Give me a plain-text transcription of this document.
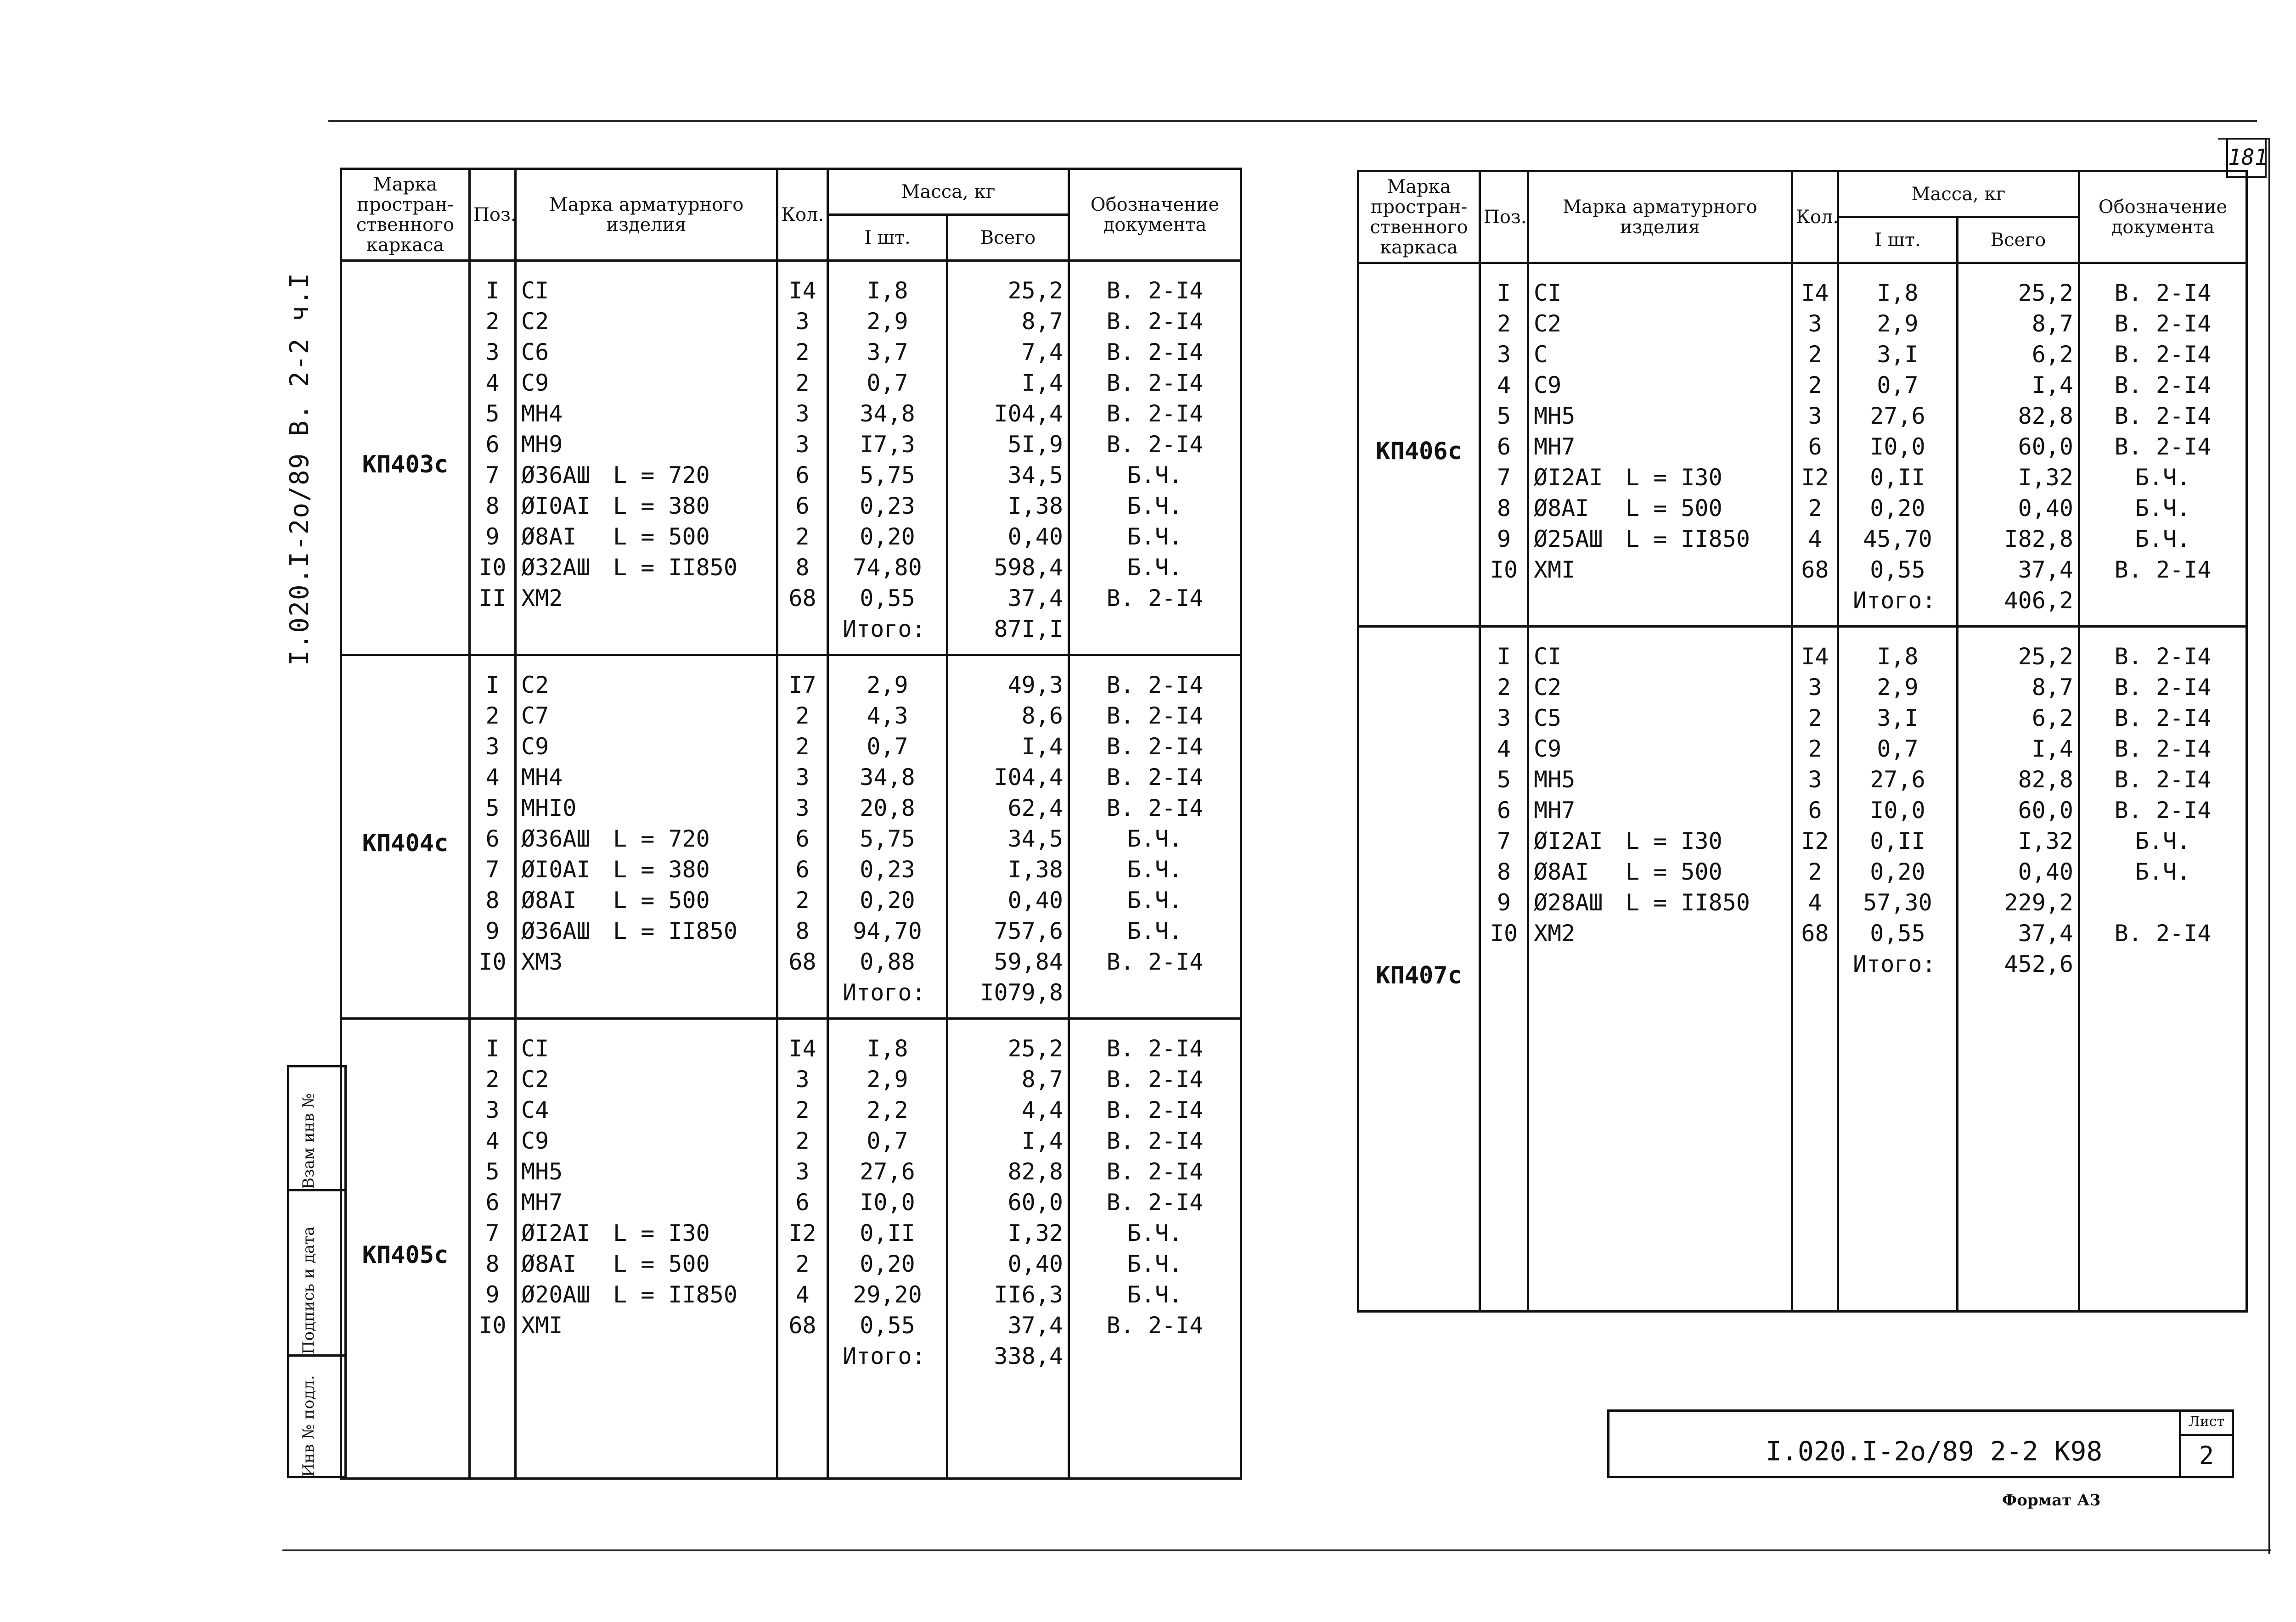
181
I.020.I-2o/89 В. 2-2 ч.I
Инв № подл.
Подпись и дата
Взам инв №
Марка простран-ственного каркаса	Поз.	Марка арматурного изделия	Кол.	Масса, кг		Обозначение документа
				I шт.	Всего	
КП403с	I	CI	I4	I,8	25,2	В. 2-I4
	2	C2	3	2,9	8,7	В. 2-I4
	3	C6	2	3,7	7,4	В. 2-I4
	4	C9	2	0,7	I,4	В. 2-I4
	5	МН4	3	34,8	I04,4	В. 2-I4
	6	МН9	3	I7,3	5I,9	В. 2-I4
	7	Ø36АШ L = 720	6	5,75	34,5	Б.Ч.
	8	ØI0AI L = 380	6	0,23	I,38	Б.Ч.
	9	Ø8AI L = 500	2	0,20	0,40	Б.Ч.
	I0	Ø32АШ L = II850	8	74,80	598,4	Б.Ч.
	II	ХМ2	68	0,55	37,4	В. 2-I4
				Итого:	87I,I	
КП404с	I	C2	I7	2,9	49,3	В. 2-I4
	2	C7	2	4,3	8,6	В. 2-I4
	3	C9	2	0,7	I,4	В. 2-I4
	4	МН4	3	34,8	I04,4	В. 2-I4
	5	МНI0	3	20,8	62,4	В. 2-I4
	6	Ø36АШ L = 720	6	5,75	34,5	Б.Ч.
	7	ØI0AI L = 380	6	0,23	I,38	Б.Ч.
	8	Ø8AI L = 500	2	0,20	0,40	Б.Ч.
	9	Ø36АШ L = II850	8	94,70	757,6	Б.Ч.
	I0	ХМ3	68	0,88	59,84	В. 2-I4
				Итого:	I079,8	
КП405с	I	CI	I4	I,8	25,2	В. 2-I4
	2	C2	3	2,9	8,7	В. 2-I4
	3	C4	2	2,2	4,4	В. 2-I4
	4	C9	2	0,7	I,4	В. 2-I4
	5	МН5	3	27,6	82,8	В. 2-I4
	6	МН7	6	I0,0	60,0	В. 2-I4
	7	ØI2AI L = I30	I2	0,II	I,32	Б.Ч.
	8	Ø8AI L = 500	2	0,20	0,40	Б.Ч.
	9	Ø20АШ L = II850	4	29,20	II6,3	Б.Ч.
	I0	ХМI	68	0,55	37,4	В. 2-I4
				Итого:	338,4	
Марка простран-ственного каркаса	Поз.	Марка арматурного изделия	Кол.	Масса, кг		Обозначение документа
				I шт.	Всего	
КП406с	I	CI	I4	I,8	25,2	В. 2-I4
	2	C2	3	2,9	8,7	В. 2-I4
	3	C	2	3,I	6,2	В. 2-I4
	4	C9	2	0,7	I,4	В. 2-I4
	5	МН5	3	27,6	82,8	В. 2-I4
	6	МН7	6	I0,0	60,0	В. 2-I4
	7	ØI2AI L = I30	I2	0,II	I,32	Б.Ч.
	8	Ø8AI L = 500	2	0,20	0,40	Б.Ч.
	9	Ø25АШ L = II850	4	45,70	I82,8	Б.Ч.
	I0	ХМI	68	0,55	37,4	В. 2-I4
				Итого:	406,2	
КП407с	I	CI	I4	I,8	25,2	В. 2-I4
	2	C2	3	2,9	8,7	В. 2-I4
	3	C5	2	3,I	6,2	В. 2-I4
	4	C9	2	0,7	I,4	В. 2-I4
	5	МН5	3	27,6	82,8	В. 2-I4
	6	МН7	6	I0,0	60,0	В. 2-I4
	7	ØI2AI L = I30	I2	0,II	I,32	Б.Ч.
	8	Ø8AI L = 500	2	0,20	0,40	Б.Ч.
	9	Ø28АШ L = II850	4	57,30	229,2	
	I0	ХМ2	68	0,55	37,4	В. 2-I4
				Итого:	452,6	
I.020.I-2o/89 2-2 К98
Лист
2
Формат А3
